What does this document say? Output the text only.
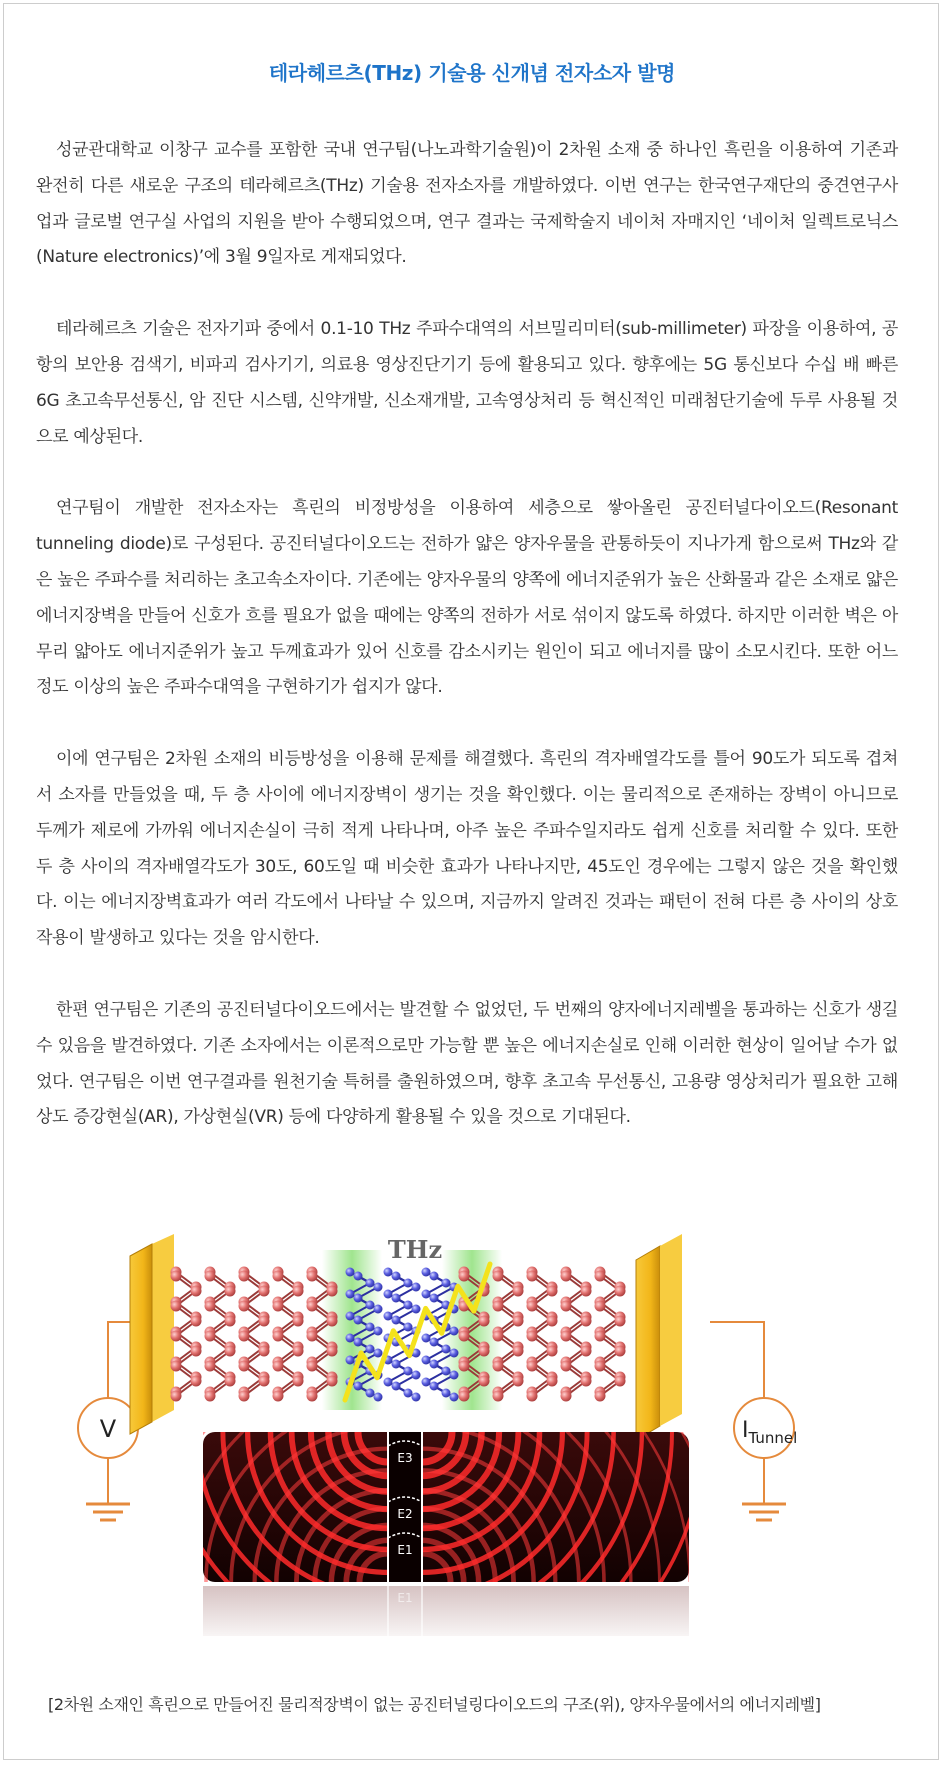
테라헤르츠(THz) 기술용 신개념 전자소자 발명

성균관대학교 이창구 교수를 포함한 국내 연구팀(나노과학기술원)이 2차원 소재 중 하나인 흑린을 이용하여 기존과 완전히 다른 새로운 구조의 테라헤르츠(THz) 기술용 전자소자를 개발하였다. 이번 연구는 한국연구재단의 중견연구사업과 글로벌 연구실 사업의 지원을 받아 수행되었으며, 연구 결과는 국제학술지 네이처 자매지인 ‘네이처 일렉트로닉스(Nature electronics)’에 3월 9일자로 게재되었다.

테라헤르츠 기술은 전자기파 중에서 0.1-10 THz 주파수대역의 서브밀리미터(sub-millimeter) 파장을 이용하여, 공항의 보안용 검색기, 비파괴 검사기기, 의료용 영상진단기기 등에 활용되고 있다. 향후에는 5G 통신보다 수십 배 빠른 6G 초고속무선통신, 암 진단 시스템, 신약개발, 신소재개발, 고속영상처리 등 혁신적인 미래첨단기술에 두루 사용될 것으로 예상된다.

연구팀이 개발한 전자소자는 흑린의 비정방성을 이용하여 세층으로 쌓아올린 공진터널다이오드(Resonant tunneling diode)로 구성된다. 공진터널다이오드는 전하가 얇은 양자우물을 관통하듯이 지나가게 함으로써 THz와 같은 높은 주파수를 처리하는 초고속소자이다. 기존에는 양자우물의 양쪽에 에너지준위가 높은 산화물과 같은 소재로 얇은 에너지장벽을 만들어 신호가 흐를 필요가 없을 때에는 양쪽의 전하가 서로 섞이지 않도록 하였다. 하지만 이러한 벽은 아무리 얇아도 에너지준위가 높고 두께효과가 있어 신호를 감소시키는 원인이 되고 에너지를 많이 소모시킨다. 또한 어느 정도 이상의 높은 주파수대역을 구현하기가 쉽지가 않다.

이에 연구팀은 2차원 소재의 비등방성을 이용해 문제를 해결했다. 흑린의 격자배열각도를 틀어 90도가 되도록 겹쳐서 소자를 만들었을 때, 두 층 사이에 에너지장벽이 생기는 것을 확인했다. 이는 물리적으로 존재하는 장벽이 아니므로 두께가 제로에 가까워 에너지손실이 극히 적게 나타나며, 아주 높은 주파수일지라도 쉽게 신호를 처리할 수 있다. 또한 두 층 사이의 격자배열각도가 30도, 60도일 때 비슷한 효과가 나타나지만, 45도인 경우에는 그렇지 않은 것을 확인했다. 이는 에너지장벽효과가 여러 각도에서 나타날 수 있으며, 지금까지 알려진 것과는 패턴이 전혀 다른 층 사이의 상호작용이 발생하고 있다는 것을 암시한다.

한편 연구팀은 기존의 공진터널다이오드에서는 발견할 수 없었던, 두 번째의 양자에너지레벨을 통과하는 신호가 생길 수 있음을 발견하였다. 기존 소자에서는 이론적으로만 가능할 뿐 높은 에너지손실로 인해 이러한 현상이 일어날 수가 없었다. 연구팀은 이번 연구결과를 원천기술 특허를 출원하였으며, 향후 초고속 무선통신, 고용량 영상처리가 필요한 고해상도 증강현실(AR), 가상현실(VR) 등에 다양하게 활용될 수 있을 것으로 기대된다.

V	$I_{Tunnel}$
THz
E3
E2
E1
[2차원 소재인 흑린으로 만들어진 물리적장벽이 없는 공진터널링다이오드의 구조(위), 양자우물에서의 에너지레벨]
